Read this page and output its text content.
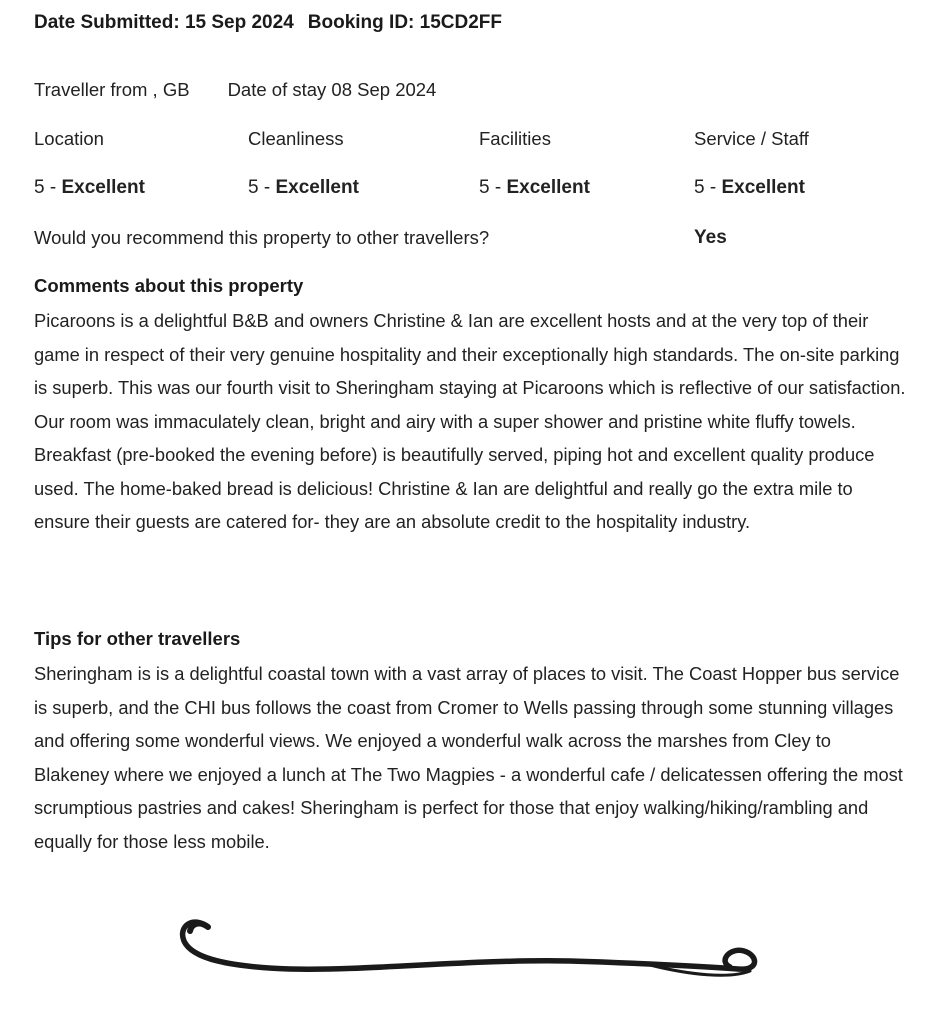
Date Submitted: 15 Sep 2024 Booking ID: 15CD2FF
Traveller from , GB Date of stay 08 Sep 2024
Location
5 - Excellent
Cleanliness
5 - Excellent
Facilities
5 - Excellent
Service / Staff
5 - Excellent
Would you recommend this property to other travellers?	Yes
Comments about this property

Picaroons is a delightful B&B and owners Christine & Ian are excellent hosts and at the very top of their game in respect of their very genuine hospitality and their exceptionally high standards. The on-site parking is superb. This was our fourth visit to Sheringham staying at Picaroons which is reflective of our satisfaction. Our room was immaculately clean, bright and airy with a super shower and pristine white fluffy towels. Breakfast (pre-booked the evening before) is beautifully served, piping hot and excellent quality produce used. The home-baked bread is delicious! Christine & Ian are delightful and really go the extra mile to ensure their guests are catered for- they are an absolute credit to the hospitality industry.

Tips for other travellers

Sheringham is is a delightful coastal town with a vast array of places to visit. The Coast Hopper bus service is superb, and the CHI bus follows the coast from Cromer to Wells passing through some stunning villages and offering some wonderful views. We enjoyed a wonderful walk across the marshes from Cley to Blakeney where we enjoyed a lunch at The Two Magpies - a wonderful cafe / delicatessen offering the most scrumptious pastries and cakes! Sheringham is perfect for those that enjoy walking/hiking/rambling and equally for those less mobile.
